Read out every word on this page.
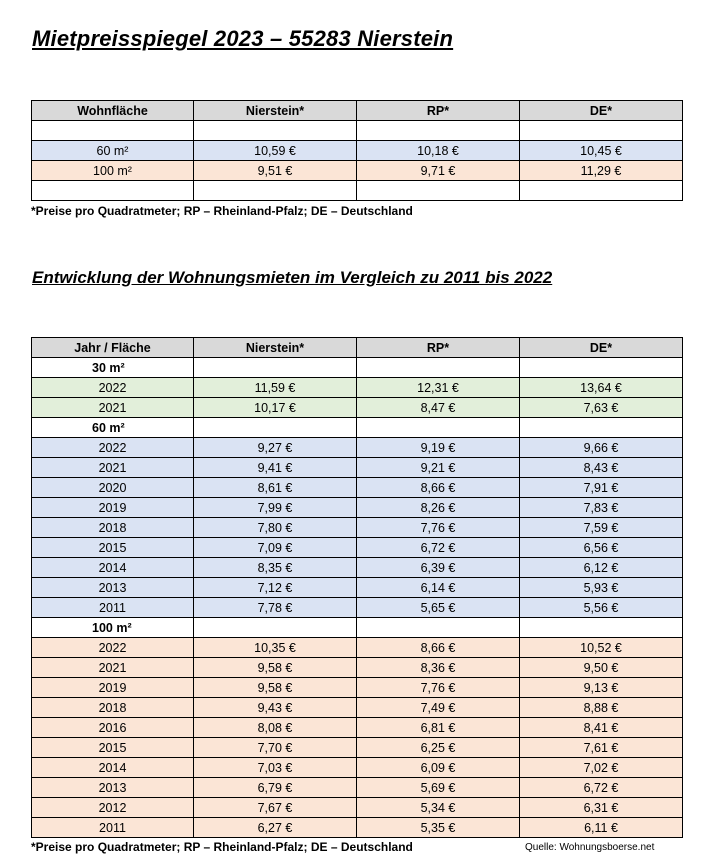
Mietpreisspiegel 2023 – 55283 Nierstein
Wohnfläche	Nierstein*	RP*	DE*

60 m²	10,59 €	10,18 €	10,45 €
100 m²	9,51 €	9,71 €	11,29 €

*Preise pro Quadratmeter; RP – Rheinland-Pfalz; DE – Deutschland
Entwicklung der Wohnungsmieten im Vergleich zu 2011 bis 2022
Jahr / Fläche	Nierstein*	RP*	DE*
30 m²			
2022	11,59 €	12,31 €	13,64 €
2021	10,17 €	8,47 €	7,63 €
60 m²			
2022	9,27 €	9,19 €	9,66 €
2021	9,41 €	9,21 €	8,43 €
2020	8,61 €	8,66 €	7,91 €
2019	7,99 €	8,26 €	7,83 €
2018	7,80 €	7,76 €	7,59 €
2015	7,09 €	6,72 €	6,56 €
2014	8,35 €	6,39 €	6,12 €
2013	7,12 €	6,14 €	5,93 €
2011	7,78 €	5,65 €	5,56 €
100 m²			
2022	10,35 €	8,66 €	10,52 €
2021	9,58 €	8,36 €	9,50 €
2019	9,58 €	7,76 €	9,13 €
2018	9,43 €	7,49 €	8,88 €
2016	8,08 €	6,81 €	8,41 €
2015	7,70 €	6,25 €	7,61 €
2014	7,03 €	6,09 €	7,02 €
2013	6,79 €	5,69 €	6,72 €
2012	7,67 €	5,34 €	6,31 €
2011	6,27 €	5,35 €	6,11 €
*Preise pro Quadratmeter; RP – Rheinland-Pfalz; DE – Deutschland	Quelle: Wohnungsboerse.net
